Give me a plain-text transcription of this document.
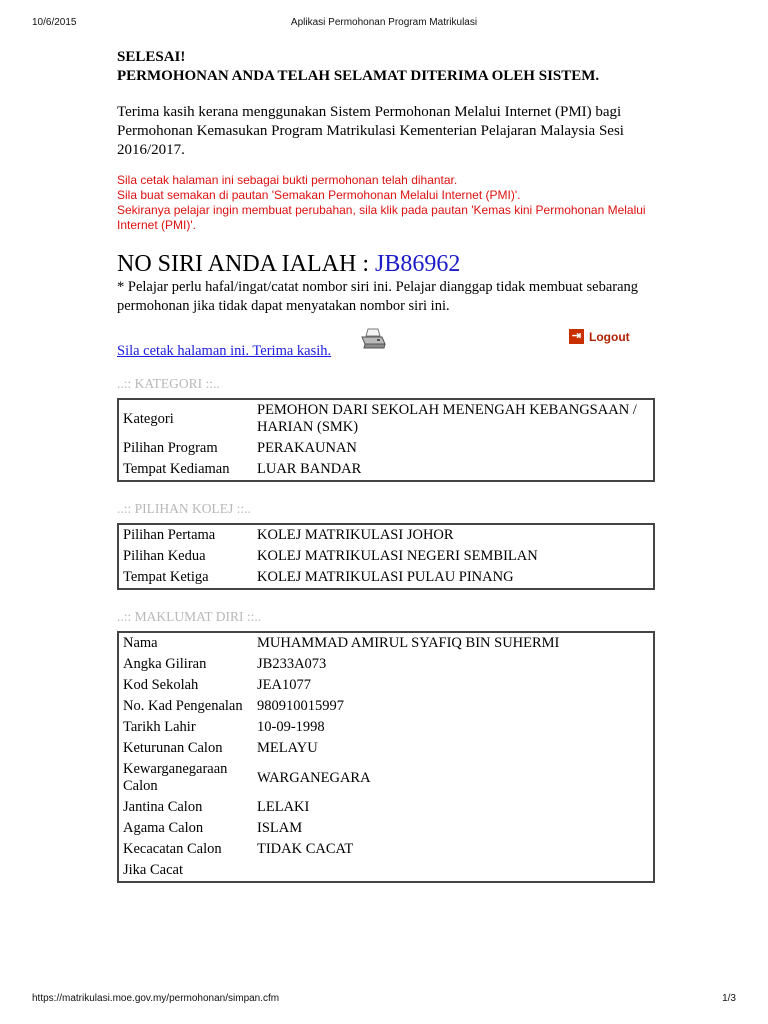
10/6/2015	Aplikasi Permohonan Program Matrikulasi
SELESAI!
PERMOHONAN ANDA TELAH SELAMAT DITERIMA OLEH SISTEM.
Terima kasih kerana menggunakan Sistem Permohonan Melalui Internet (PMI) bagi Permohonan Kemasukan Program Matrikulasi Kementerian Pelajaran Malaysia Sesi 2016/2017.
Sila cetak halaman ini sebagai bukti permohonan telah dihantar.
Sila buat semakan di pautan 'Semakan Permohonan Melalui Internet (PMI)'.
Sekiranya pelajar ingin membuat perubahan, sila klik pada pautan 'Kemas kini Permohonan Melalui Internet (PMI)'.
NO SIRI ANDA IALAH : JB86962
* Pelajar perlu hafal/ingat/catat nombor siri ini. Pelajar dianggap tidak membuat sebarang permohonan jika tidak dapat menyatakan nombor siri ini.
Sila cetak halaman ini. Terima kasih.
⇥ Logout
..:: KATEGORI ::..
Kategori	PEMOHON DARI SEKOLAH MENENGAH KEBANGSAAN / HARIAN (SMK)
Pilihan Program	PERAKAUNAN
Tempat Kediaman	LUAR BANDAR
..:: PILIHAN KOLEJ ::..
Pilihan Pertama	KOLEJ MATRIKULASI JOHOR
Pilihan Kedua	KOLEJ MATRIKULASI NEGERI SEMBILAN
Tempat Ketiga	KOLEJ MATRIKULASI PULAU PINANG
..:: MAKLUMAT DIRI ::..
Nama	MUHAMMAD AMIRUL SYAFIQ BIN SUHERMI
Angka Giliran	JB233A073
Kod Sekolah	JEA1077
No. Kad Pengenalan	980910015997
Tarikh Lahir	10-09-1998
Keturunan Calon	MELAYU
Kewarganegaraan Calon	WARGANEGARA
Jantina Calon	LELAKI
Agama Calon	ISLAM
Kecacatan Calon	TIDAK CACAT
Jika Cacat	
https://matrikulasi.moe.gov.my/permohonan/simpan.cfm	1/3
